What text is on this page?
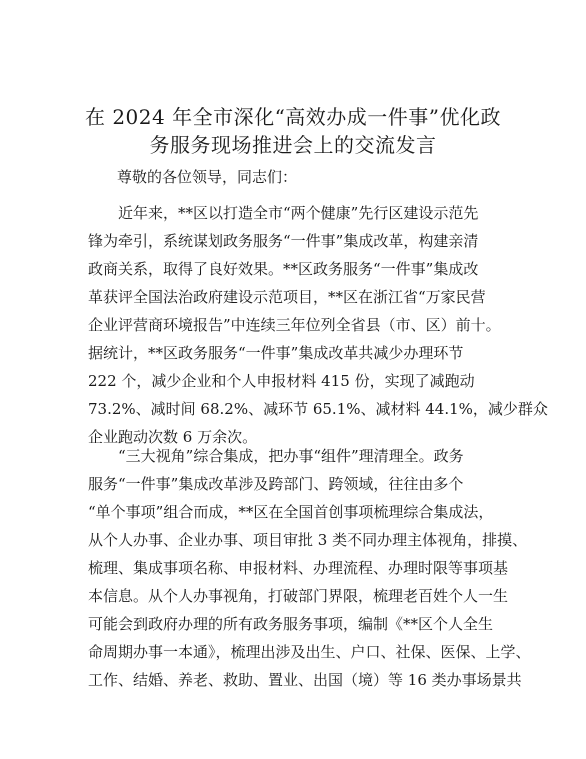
在 2024 年全市深化“高效办成一件事”优化政
务服务现场推进会上的交流发言

尊敬的各位领导，同志们：

　　近年来，**区以打造全市“两个健康”先行区建设示范先
锋为牵引，系统谋划政务服务“一件事”集成改革，构建亲清
政商关系，取得了良好效果。**区政务服务“一件事”集成改
革获评全国法治政府建设示范项目，**区在浙江省“万家民营
企业评营商环境报告”中连续三年位列全省县（市、区）前十。
据统计，**区政务服务“一件事”集成改革共减少办理环节
222 个，减少企业和个人申报材料 415 份，实现了减跑动
73.2%、减时间 68.2%、减环节 65.1%、减材料 44.1%，减少群众
企业跑动次数 6 万余次。
　　“三大视角”综合集成，把办事“组件”理清理全。政务
服务“一件事”集成改革涉及跨部门、跨领域，往往由多个
“单个事项”组合而成，**区在全国首创事项梳理综合集成法，
从个人办事、企业办事、项目审批 3 类不同办理主体视角，排摸、
梳理、集成事项名称、申报材料、办理流程、办理时限等事项基
本信息。从个人办事视角，打破部门界限，梳理老百姓个人一生
可能会到政府办理的所有政务服务事项，编制《**区个人全生
命周期办事一本通》，梳理出涉及出生、户口、社保、医保、上学、
工作、结婚、养老、救助、置业、出国（境）等 16 类办事场景共
